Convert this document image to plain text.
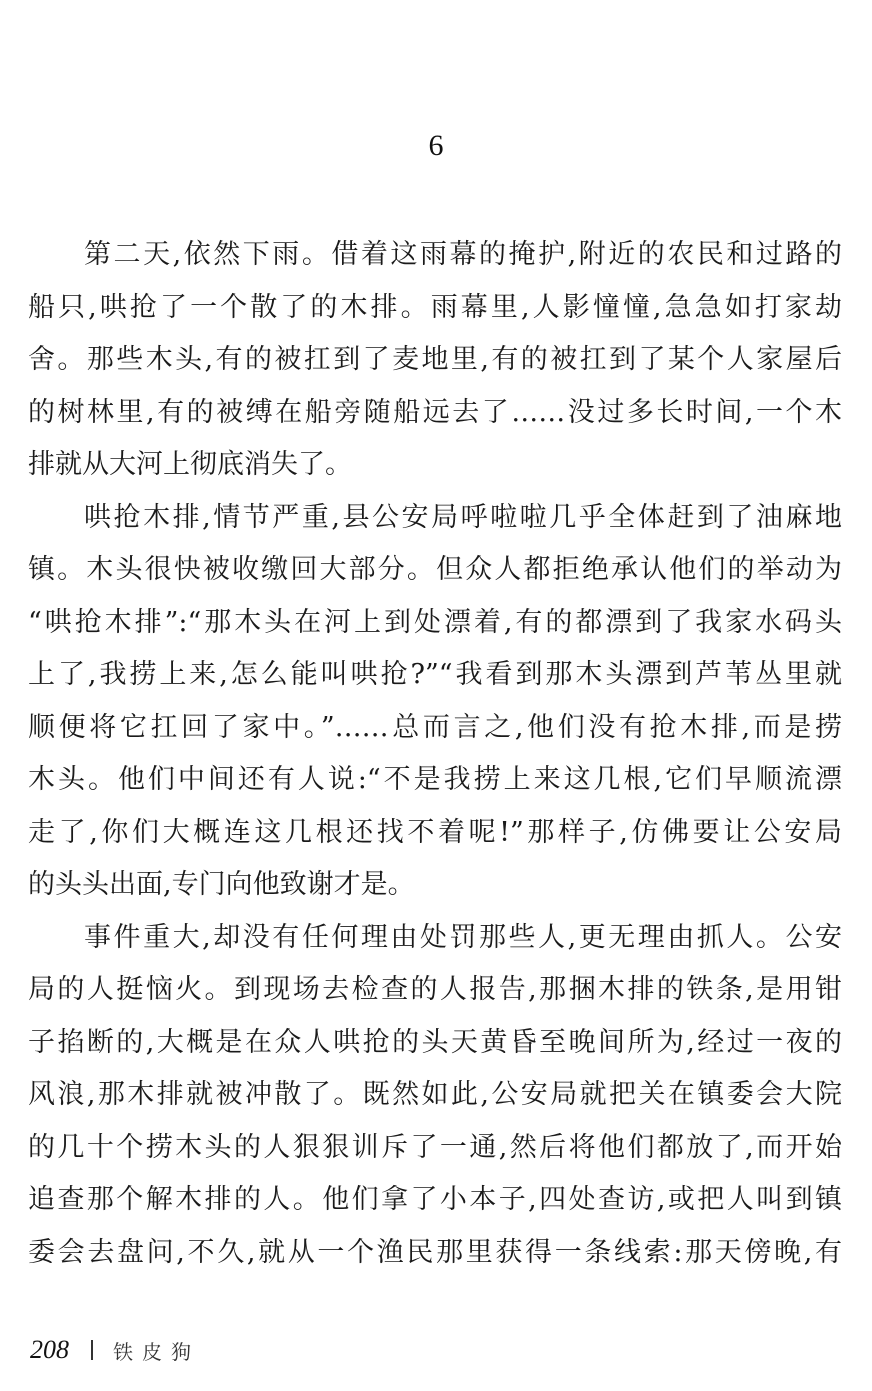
6
第二天,依然下雨。借着这雨幕的掩护,附近的农民和过路的
船只,哄抢了一个散了的木排。雨幕里,人影憧憧,急急如打家劫
舍。那些木头,有的被扛到了麦地里,有的被扛到了某个人家屋后
的树林里,有的被缚在船旁随船远去了……没过多长时间,一个木
排就从大河上彻底消失了。
哄抢木排,情节严重,县公安局呼啦啦几乎全体赶到了油麻地
镇。木头很快被收缴回大部分。但众人都拒绝承认他们的举动为
“哄抢木排”:“那木头在河上到处漂着,有的都漂到了我家水码头
上了,我捞上来,怎么能叫哄抢?”“我看到那木头漂到芦苇丛里就
顺便将它扛回了家中。”……总而言之,他们没有抢木排,而是捞
木头。他们中间还有人说:“不是我捞上来这几根,它们早顺流漂
走了,你们大概连这几根还找不着呢!”那样子,仿佛要让公安局
的头头出面,专门向他致谢才是。
事件重大,却没有任何理由处罚那些人,更无理由抓人。公安
局的人挺恼火。到现场去检查的人报告,那捆木排的铁条,是用钳
子掐断的,大概是在众人哄抢的头天黄昏至晚间所为,经过一夜的
风浪,那木排就被冲散了。既然如此,公安局就把关在镇委会大院
的几十个捞木头的人狠狠训斥了一通,然后将他们都放了,而开始
追查那个解木排的人。他们拿了小本子,四处查访,或把人叫到镇
委会去盘问,不久,就从一个渔民那里获得一条线索:那天傍晚,有
208 铁皮狗
